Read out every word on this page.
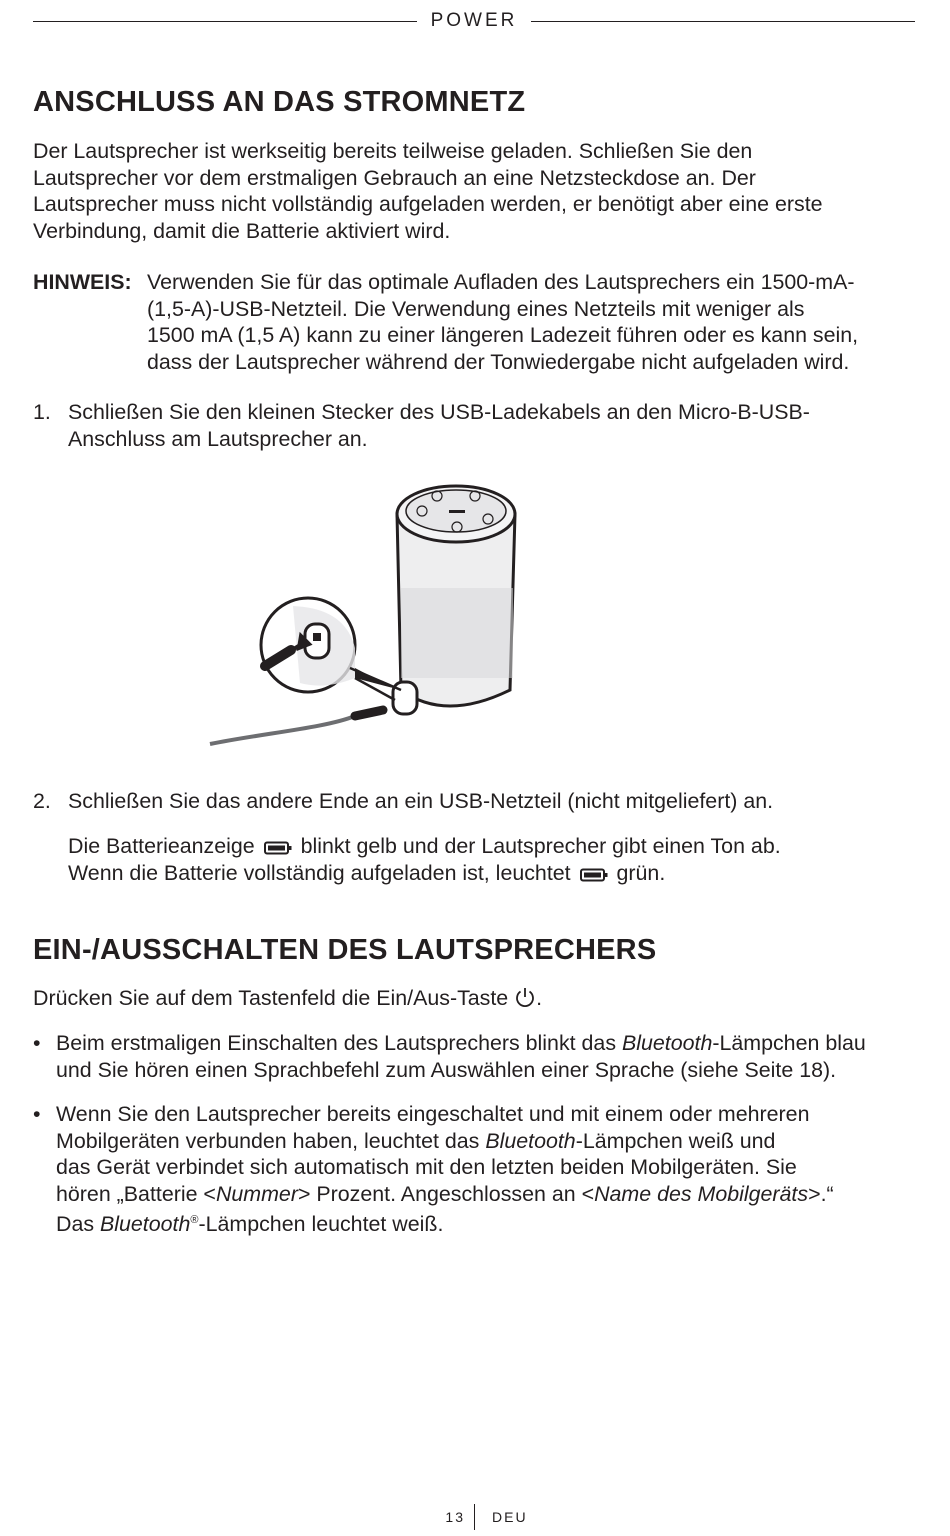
POWER
ANSCHLUSS AN DAS STROMNETZ
Der Lautsprecher ist werkseitig bereits teilweise geladen. Schließen Sie den
Lautsprecher vor dem erstmaligen Gebrauch an eine Netzsteckdose an. Der
Lautsprecher muss nicht vollständig aufgeladen werden, er benötigt aber eine erste
Verbindung, damit die Batterie aktiviert wird.
HINWEIS: Verwenden Sie für das optimale Aufladen des Lautsprechers ein 1500-mA-
(1,5-A)-USB-Netzteil. Die Verwendung eines Netzteils mit weniger als
1500 mA (1,5 A) kann zu einer längeren Ladezeit führen oder es kann sein,
dass der Lautsprecher während der Tonwiedergabe nicht aufgeladen wird.
1. Schließen Sie den kleinen Stecker des USB-Ladekabels an den Micro-B-USB-
Anschluss am Lautsprecher an.
2. Schließen Sie das andere Ende an ein USB-Netzteil (nicht mitgeliefert) an.
Die Batterieanzeige blinkt gelb und der Lautsprecher gibt einen Ton ab.
Wenn die Batterie vollständig aufgeladen ist, leuchtet grün.
EIN-/AUSSCHALTEN DES LAUTSPRECHERS
Drücken Sie auf dem Tastenfeld die Ein/Aus-Taste .
• Beim erstmaligen Einschalten des Lautsprechers blinkt das Bluetooth-Lämpchen blau
und Sie hören einen Sprachbefehl zum Auswählen einer Sprache (siehe Seite 18).
• Wenn Sie den Lautsprecher bereits eingeschaltet und mit einem oder mehreren
Mobilgeräten verbunden haben, leuchtet das Bluetooth-Lämpchen weiß und
das Gerät verbindet sich automatisch mit den letzten beiden Mobilgeräten. Sie
hören „Batterie <Nummer> Prozent. Angeschlossen an <Name des Mobilgeräts>.“
Das Bluetooth®-Lämpchen leuchtet weiß.
13 DEU
